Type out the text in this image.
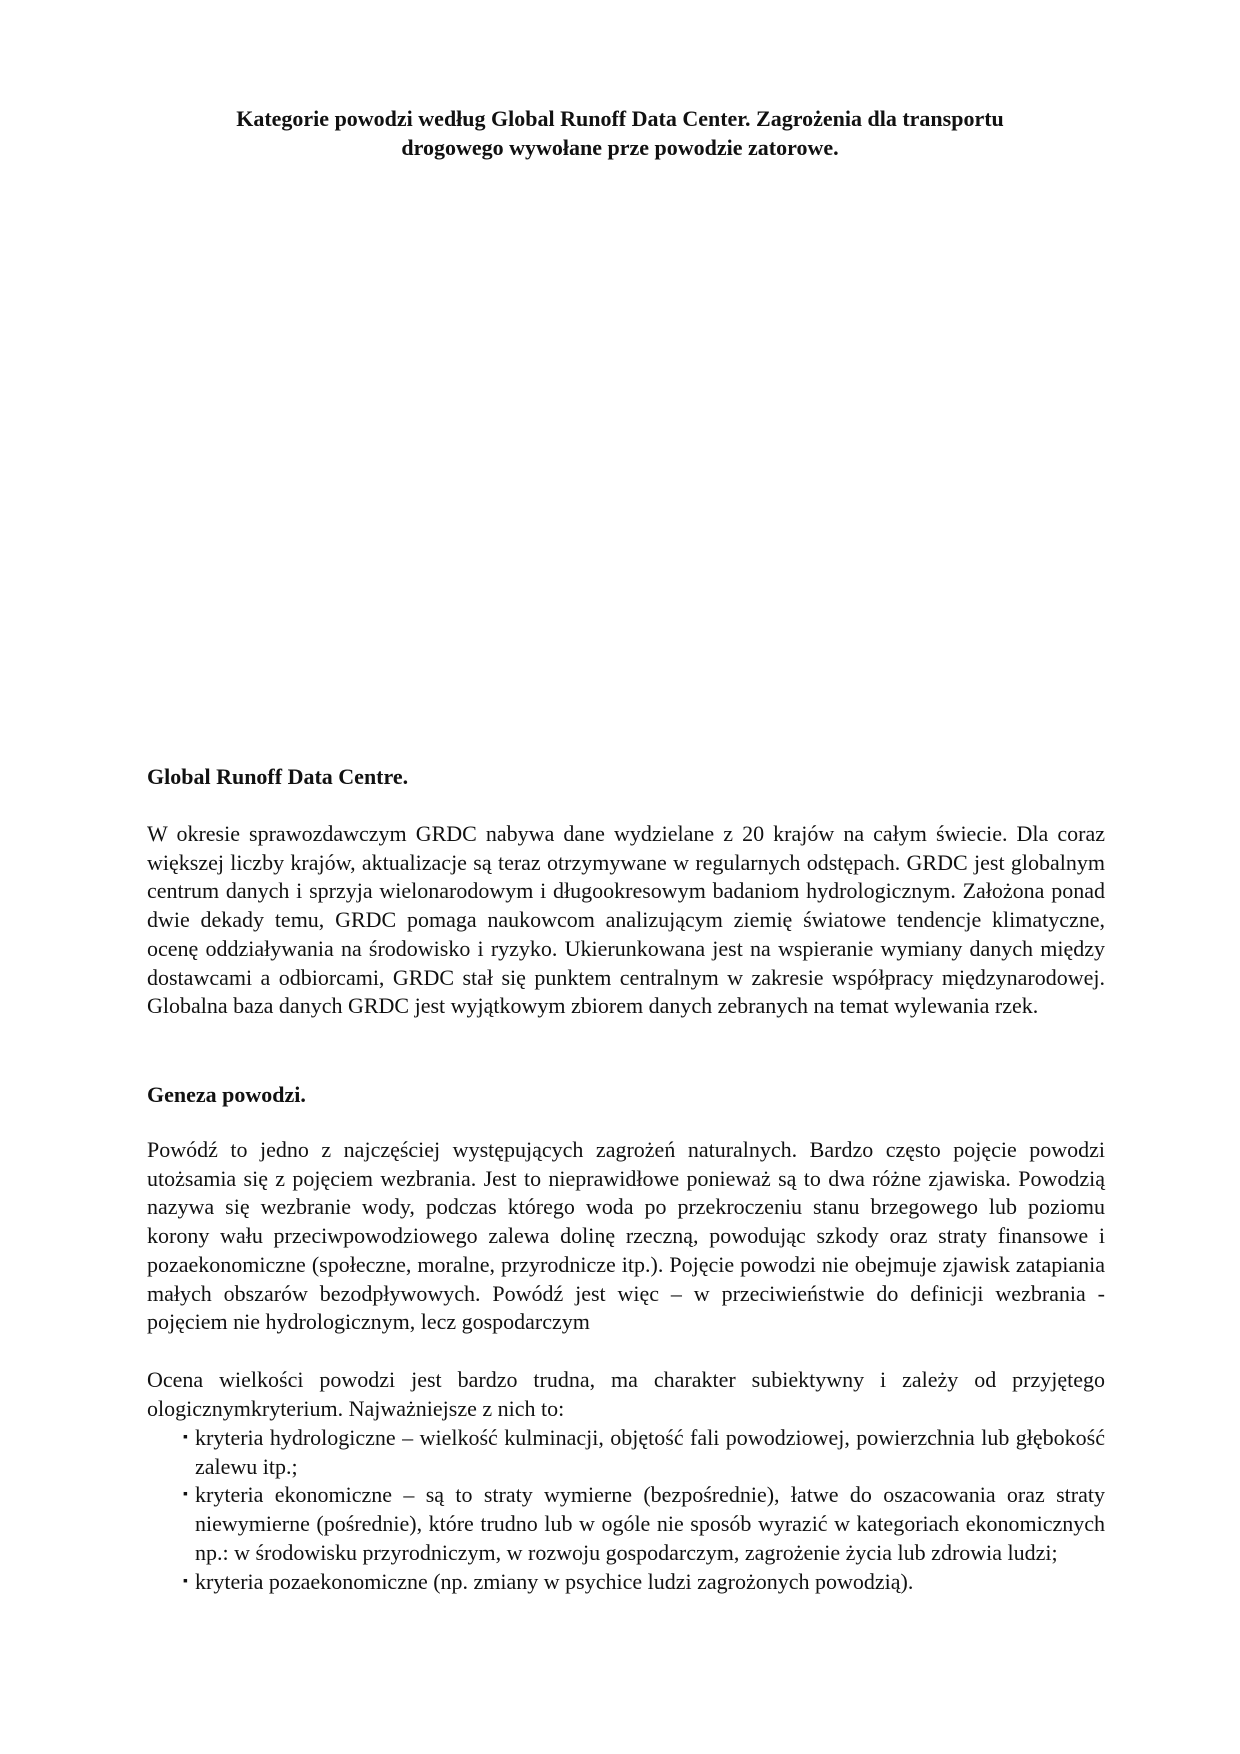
Kategorie powodzi według Global Runoff Data Center. Zagrożenia dla transportu
drogowego wywołane prze powodzie zatorowe.
Global Runoff Data Centre.

W okresie sprawozdawczym GRDC nabywa dane wydzielane z 20 krajów na całym świecie. Dla coraz większej liczby krajów, aktualizacje są teraz otrzymywane w regularnych odstępach. GRDC jest globalnym centrum danych i sprzyja wielonarodowym i długookresowym badaniom hydrologicznym. Założona ponad dwie dekady temu, GRDC pomaga naukowcom analizującym ziemię światowe tendencje klimatyczne, ocenę oddziaływania na środowisko i ryzyko. Ukierunkowana jest na wspieranie wymiany danych między dostawcami a odbiorcami, GRDC stał się punktem centralnym w zakresie współpracy międzynarodowej. Globalna baza danych GRDC jest wyjątkowym zbiorem danych zebranych na temat wylewania rzek.

Geneza powodzi.

Powódź to jedno z najczęściej występujących zagrożeń naturalnych. Bardzo często pojęcie powodzi utożsamia się z pojęciem wezbrania. Jest to nieprawidłowe ponieważ są to dwa różne zjawiska. Powodzią nazywa się wezbranie wody, podczas którego woda po przekroczeniu stanu brzegowego lub poziomu korony wału przeciwpowodziowego zalewa dolinę rzeczną, powodując szkody oraz straty finansowe i pozaekonomiczne (społeczne, moralne, przyrodnicze itp.). Pojęcie powodzi nie obejmuje zjawisk zatapiania małych obszarów bezodpływowych. Powódź jest więc – w przeciwieństwie do definicji wezbrania - pojęciem nie hydrologicznym, lecz gospodarczym

Ocena wielkości powodzi jest bardzo trudna, ma charakter subiektywny i zależy od przyjętego ologicznymkryterium. Najważniejsze z nich to:

▪ kryteria hydrologiczne – wielkość kulminacji, objętość fali powodziowej, powierzchnia lub głębokość zalewu itp.;
▪ kryteria ekonomiczne – są to straty wymierne (bezpośrednie), łatwe do oszacowania oraz straty niewymierne (pośrednie), które trudno lub w ogóle nie sposób wyrazić w kategoriach ekonomicznych np.: w środowisku przyrodniczym, w rozwoju gospodarczym, zagrożenie życia lub zdrowia ludzi;
▪ kryteria pozaekonomiczne (np. zmiany w psychice ludzi zagrożonych powodzią).
